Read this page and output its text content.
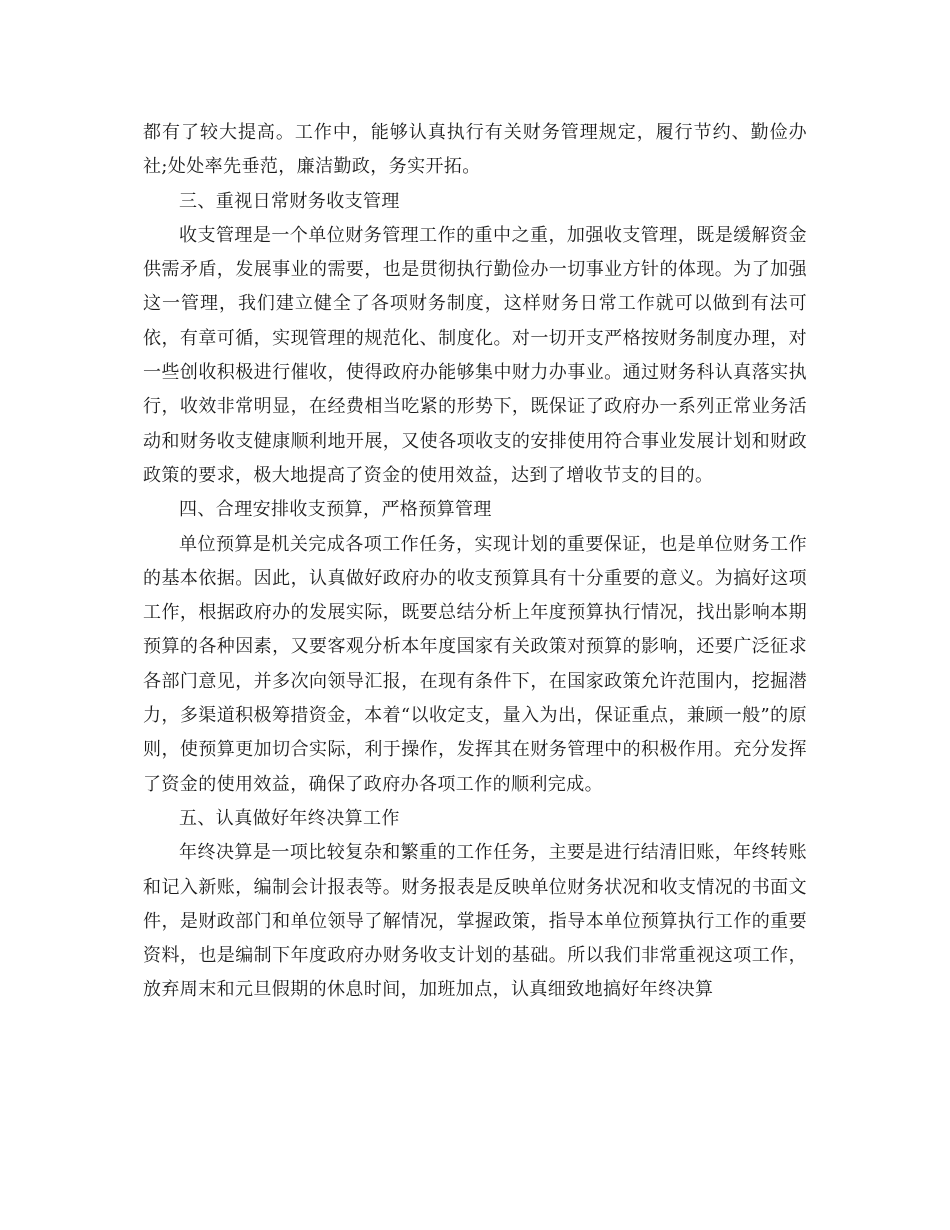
都有了较大提高。工作中，能够认真执行有关财务管理规定，履行节约、勤俭办社;处处率先垂范，廉洁勤政，务实开拓。

三、重视日常财务收支管理

收支管理是一个单位财务管理工作的重中之重，加强收支管理，既是缓解资金供需矛盾，发展事业的需要，也是贯彻执行勤俭办一切事业方针的体现。为了加强这一管理，我们建立健全了各项财务制度，这样财务日常工作就可以做到有法可依，有章可循，实现管理的规范化、制度化。对一切开支严格按财务制度办理，对一些创收积极进行催收，使得政府办能够集中财力办事业。通过财务科认真落实执行，收效非常明显，在经费相当吃紧的形势下，既保证了政府办一系列正常业务活动和财务收支健康顺利地开展，又使各项收支的安排使用符合事业发展计划和财政政策的要求，极大地提高了资金的使用效益，达到了增收节支的目的。

四、合理安排收支预算，严格预算管理

单位预算是机关完成各项工作任务，实现计划的重要保证，也是单位财务工作的基本依据。因此，认真做好政府办的收支预算具有十分重要的意义。为搞好这项工作，根据政府办的发展实际，既要总结分析上年度预算执行情况，找出影响本期预算的各种因素，又要客观分析本年度国家有关政策对预算的影响，还要广泛征求各部门意见，并多次向领导汇报，在现有条件下，在国家政策允许范围内，挖掘潜力，多渠道积极筹措资金，本着“以收定支，量入为出，保证重点，兼顾一般”的原则，使预算更加切合实际，利于操作，发挥其在财务管理中的积极作用。充分发挥了资金的使用效益，确保了政府办各项工作的顺利完成。

五、认真做好年终决算工作

年终决算是一项比较复杂和繁重的工作任务，主要是进行结清旧账，年终转账和记入新账，编制会计报表等。财务报表是反映单位财务状况和收支情况的书面文件，是财政部门和单位领导了解情况，掌握政策，指导本单位预算执行工作的重要资料，也是编制下年度政府办财务收支计划的基础。所以我们非常重视这项工作，放弃周末和元旦假期的休息时间，加班加点，认真细致地搞好年终决算
